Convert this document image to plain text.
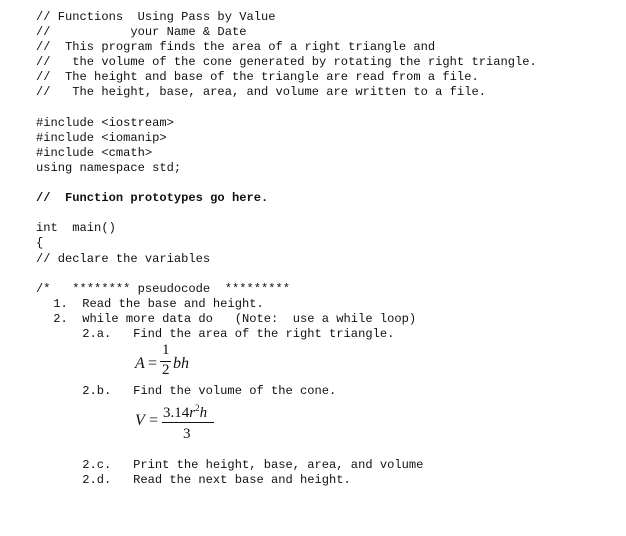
// Functions  Using Pass by Value
//           your Name & Date
//  This program finds the area of a right triangle and
//   the volume of the cone generated by rotating the right triangle.
//  The height and base of the triangle are read from a file.
//   The height, base, area, and volume are written to a file.
#include <iostream>
#include <iomanip>
#include <cmath>
using namespace std;
//  Function prototypes go here.
int  main()
{
// declare the variables
/*   ******** pseudocode  *********
1.  Read the base and height.
2.  while more data do   (Note:  use a while loop)
2.a.   Find the area of the right triangle.
A =
1
2 bh
2.b.   Find the volume of the cone.
$V = 3.14r^2h$
3
2.c.   Print the height, base, area, and volume
2.d.   Read the next base and height.
